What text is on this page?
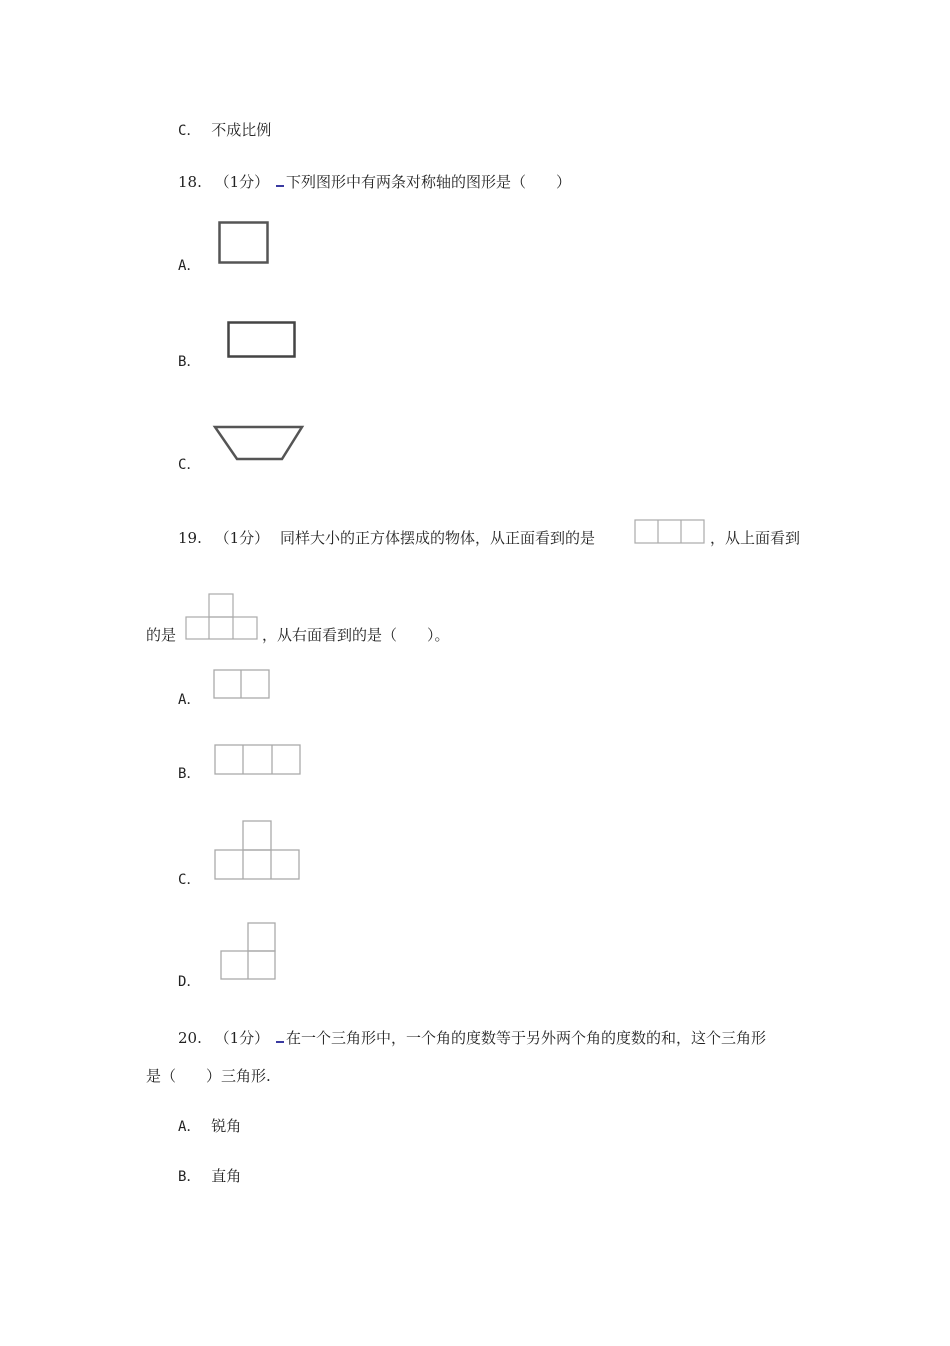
C． 不成比例
18. （1分） 下列图形中有两条对称轴的图形是（　　）
A．
B．
C．
19. （1分） 同样大小的正方体摆成的物体，从正面看到的是	，从上面看到
的是	，从右面看到的是（　　）。
A．
B．
C．
D．
20. （1分） 在一个三角形中，一个角的度数等于另外两个角的度数的和，这个三角形
是（　　）三角形.
A． 锐角
B． 直角
